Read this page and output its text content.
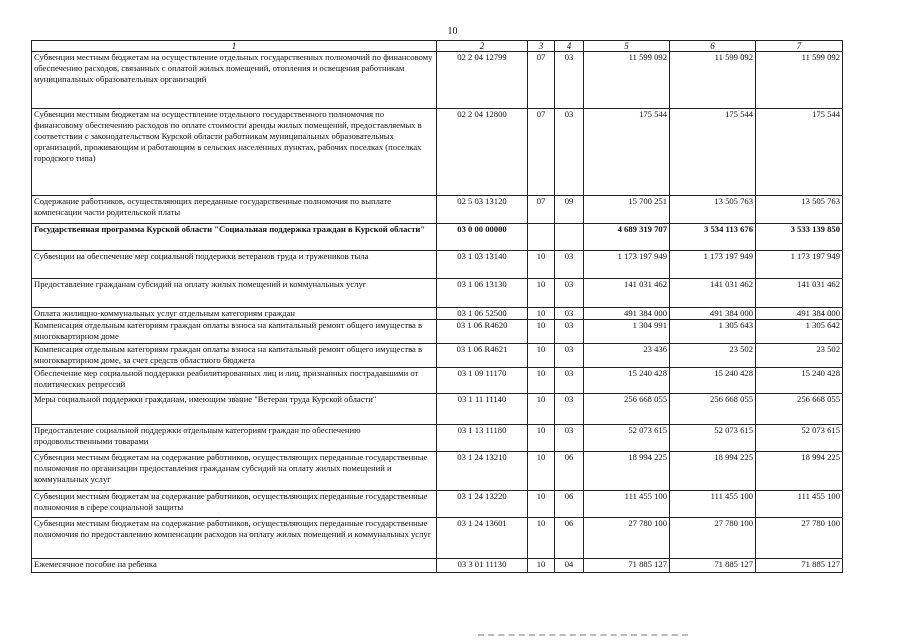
10
1	2	3	4	5	6	7
Субвенции местным бюджетам на осуществление отдельных государственных полномочий по финансовому обеспечению расходов, связанных с оплатой жилых помещений, отопления и освещения работникам муниципальных образовательных организаций	02 2 04 12799	07	03	11 599 092	11 599 092	11 599 092
Субвенции местным бюджетам на осуществление отдельного государственного полномочия по финансовому обеспечению расходов по оплате стоимости аренды жилых помещений, предоставляемых в соответствии с законодательством Курской области работникам муниципальных образовательных организаций, проживающим и работающим в сельских населенных пунктах, рабочих поселках (поселках городского типа)	02 2 04 12800	07	03	175 544	175 544	175 544
Содержание работников, осуществляющих переданные государственные полномочия по выплате компенсации части родительской платы	02 5 03 13120	07	09	15 700 251	13 505 763	13 505 763
Государственная программа Курской области "Социальная поддержка граждан в Курской области"	03 0 00 00000			4 689 319 707	3 534 113 676	3 533 139 850
Субвенции на обеспечение мер социальной поддержки ветеранов труда и тружеников тыла	03 1 03 13140	10	03	1 173 197 949	1 173 197 949	1 173 197 949
Предоставление гражданам субсидий на оплату жилых помещений и коммунальных услуг	03 1 06 13130	10	03	141 031 462	141 031 462	141 031 462
Оплата жилищно-коммунальных услуг отдельным категориям граждан	03 1 06 52500	10	03	491 384 000	491 384 000	491 384 000
Компенсация отдельным категориям граждан оплаты взноса на капитальный ремонт общего имущества в многоквартирном доме	03 1 06 R4620	10	03	1 304 991	1 305 643	1 305 642
Компенсация отдельным категориям граждан оплаты взноса на капитальный ремонт общего имущества в многоквартирном доме, за счет средств областного бюджета	03 1 06 R4621	10	03	23 436	23 502	23 502
Обеспечение мер социальной поддержки реабилитированных лиц и лиц, признанных пострадавшими от политических репрессий	03 1 09 11170	10	03	15 240 428	15 240 428	15 240 428
Меры социальной поддержки гражданам, имеющим звание "Ветеран труда Курской области"	03 1 11 11140	10	03	256 668 055	256 668 055	256 668 055
Предоставление социальной поддержки отдельным категориям граждан по обеспечению продовольственными товарами	03 1 13 11180	10	03	52 073 615	52 073 615	52 073 615
Субвенции местным бюджетам на содержание работников, осуществляющих переданные государственные полномочия по организации предоставления гражданам субсидий на оплату жилых помещений и коммунальных услуг	03 1 24 13210	10	06	18 994 225	18 994 225	18 994 225
Субвенции местным бюджетам на содержание работников, осуществляющих переданные государственные полномочия в сфере социальной защиты	03 1 24 13220	10	06	111 455 100	111 455 100	111 455 100
Субвенции местным бюджетам на содержание работников, осуществляющих переданные государственные полномочия по предоставлению компенсации расходов на оплату жилых помещений и коммунальных услуг	03 1 24 13601	10	06	27 780 100	27 780 100	27 780 100
Ежемесячное пособие на ребенка	03 3 01 11130	10	04	71 885 127	71 885 127	71 885 127
